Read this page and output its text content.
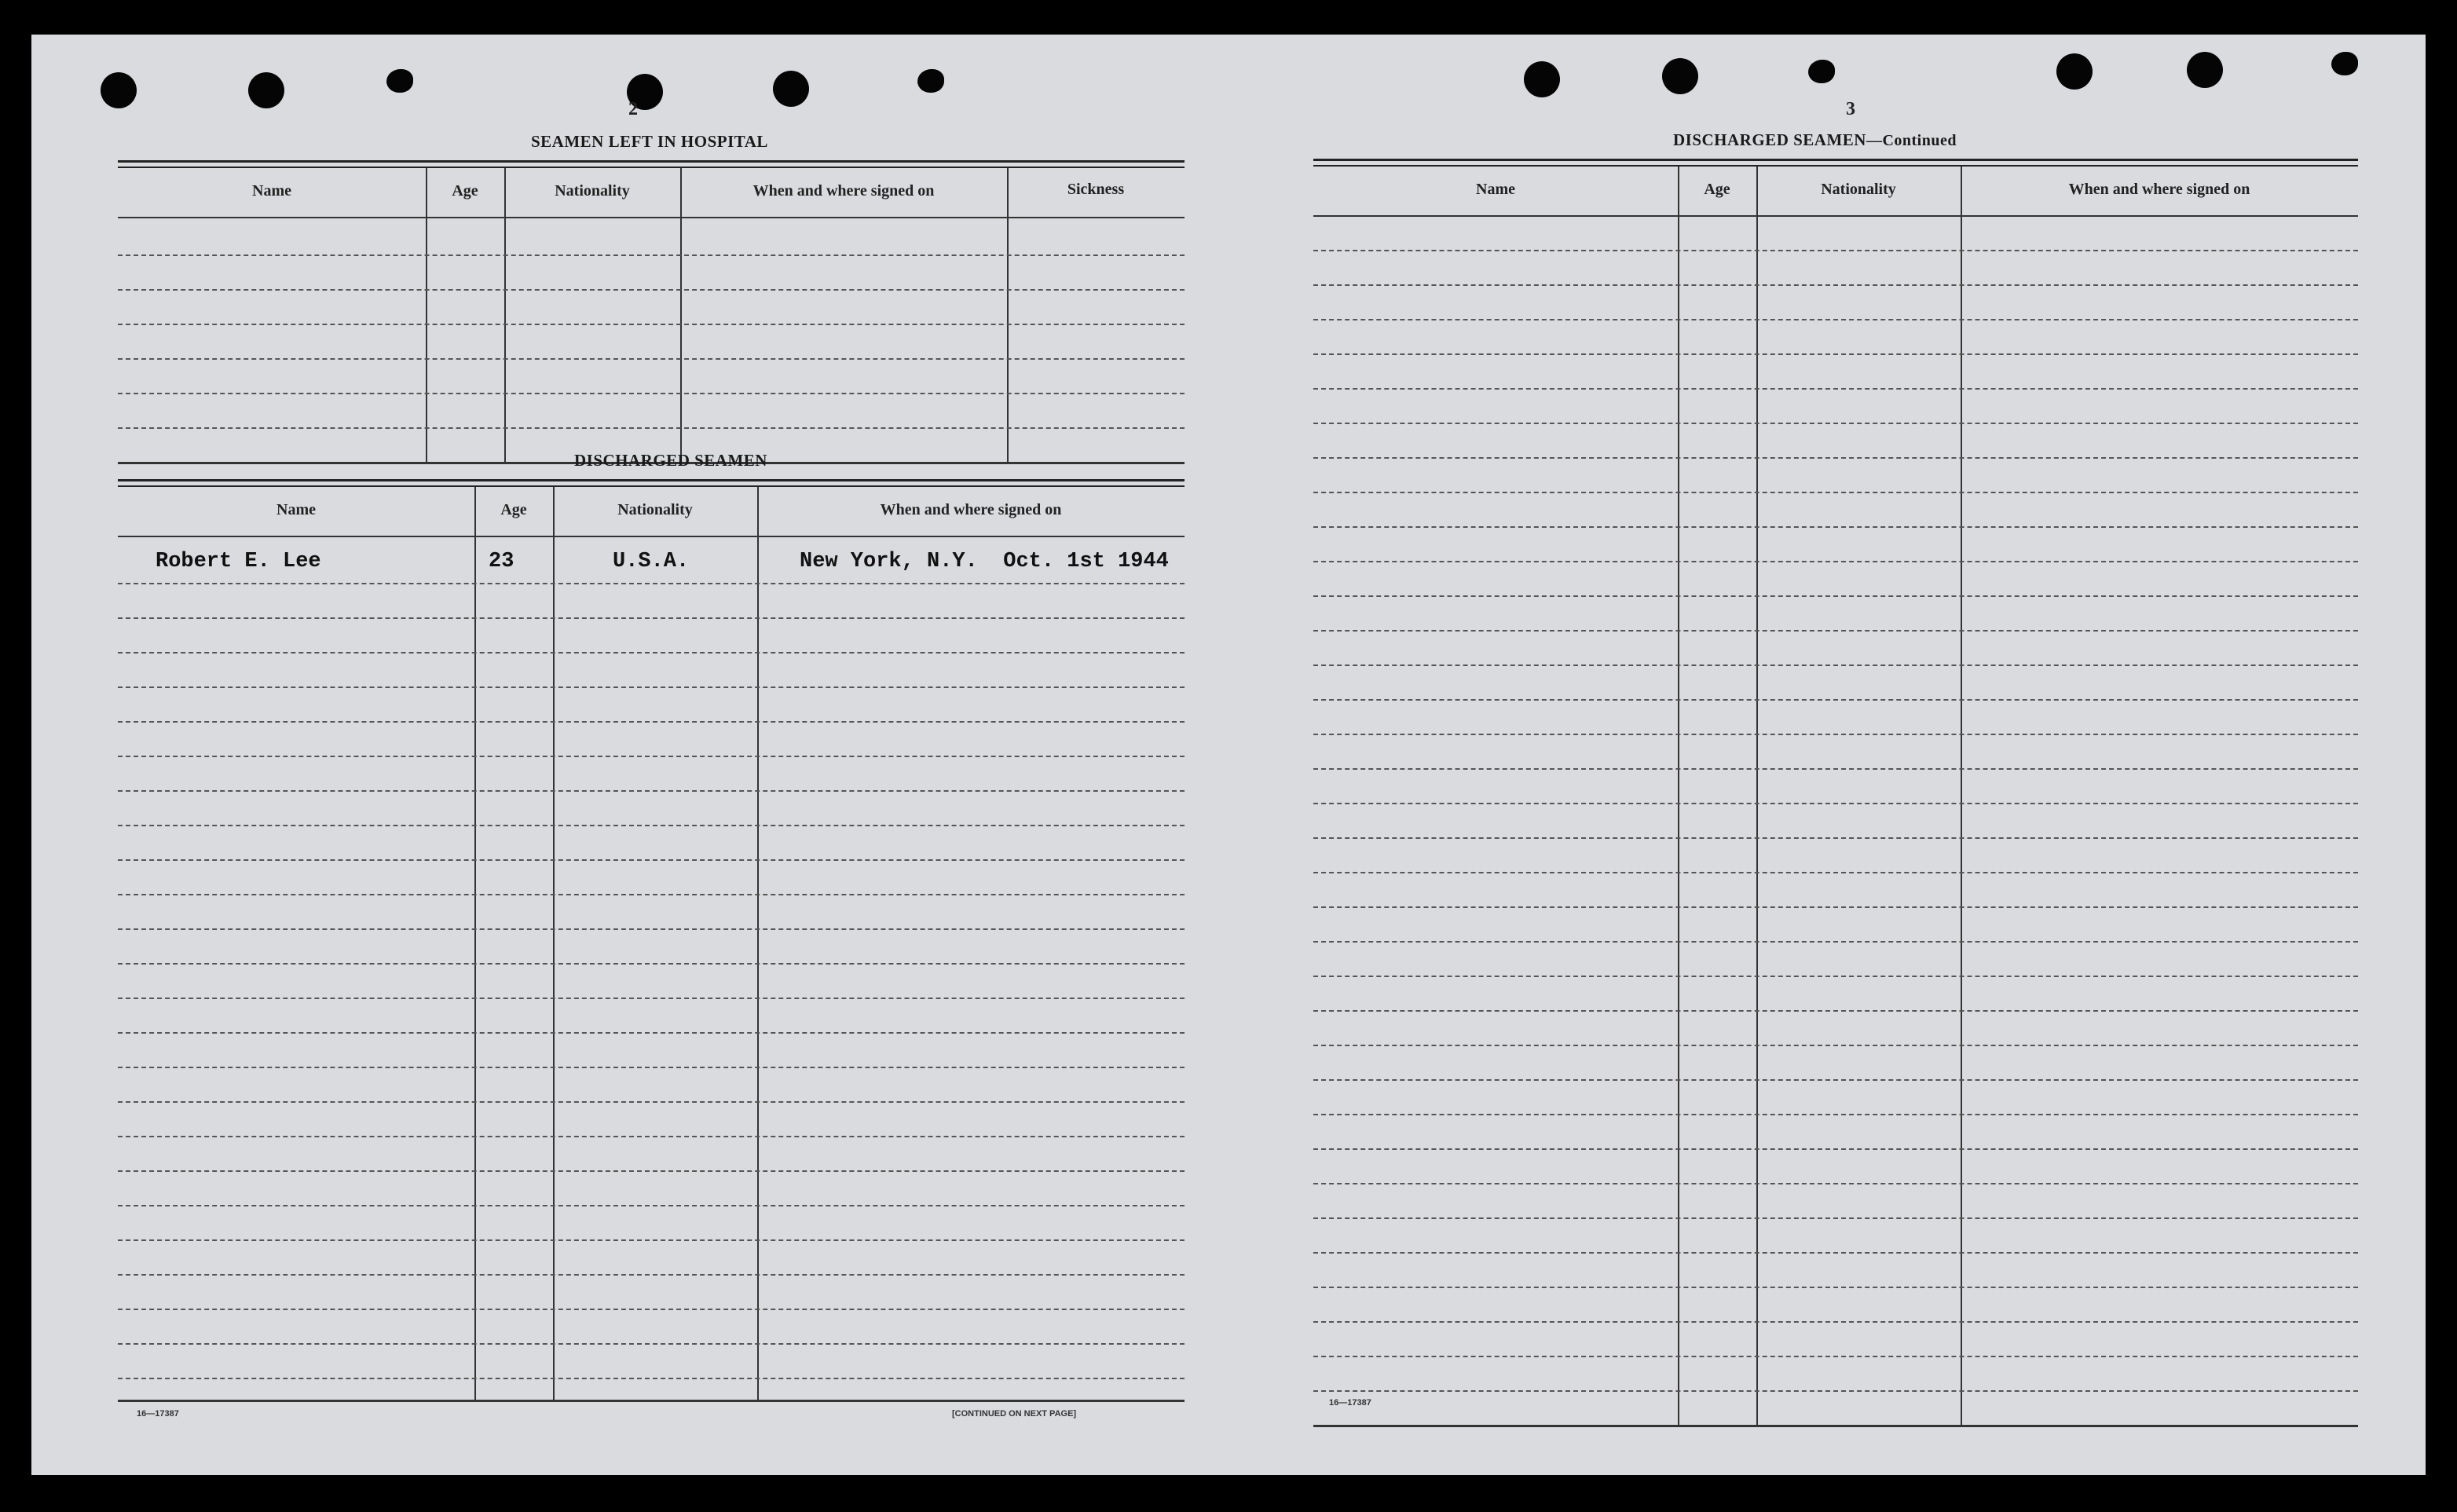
2
SEAMEN LEFT IN HOSPITAL
Name	Age	Nationality	When and where signed on	Sickness
DISCHARGED SEAMEN
Name	Age	Nationality	When and where signed on
Robert E. Lee	23	U.S.A.	New York, N.Y.  Oct. 1st 1944
16—17387	[CONTINUED ON NEXT PAGE]
3
DISCHARGED SEAMEN—Continued
Name	Age	Nationality	When and where signed on
16—17387
